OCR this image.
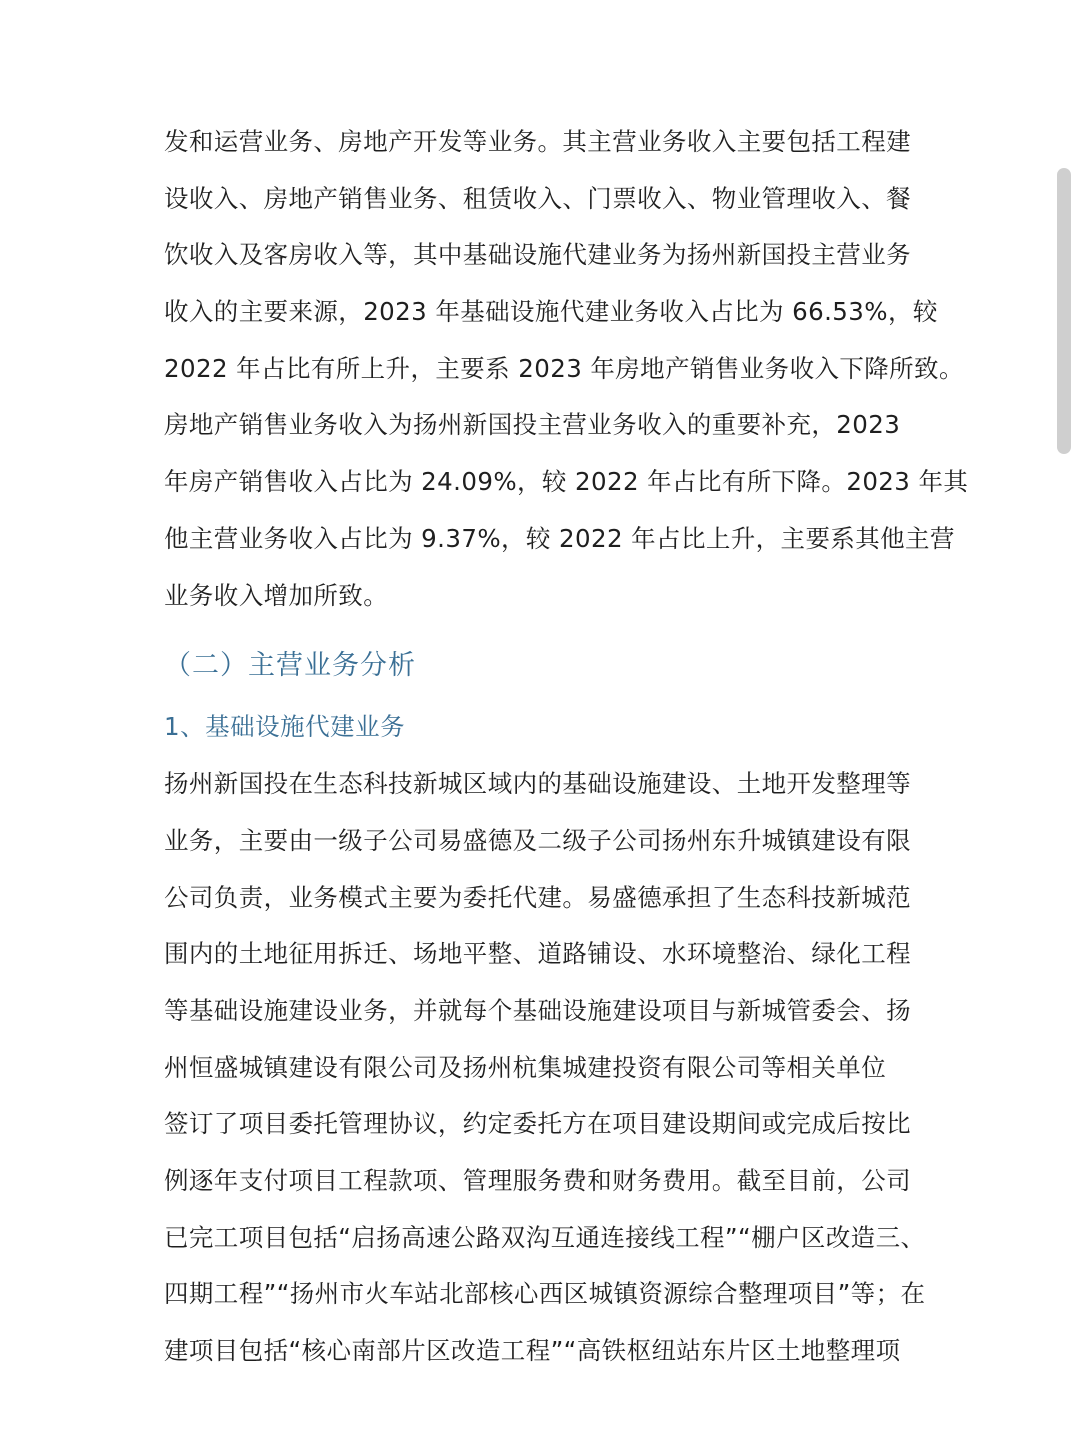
发和运营业务、房地产开发等业务。其主营业务收入主要包括工程建
设收入、房地产销售业务、租赁收入、门票收入、物业管理收入、餐
饮收入及客房收入等，其中基础设施代建业务为扬州新国投主营业务
收入的主要来源，2023 年基础设施代建业务收入占比为 66.53%，较
2022 年占比有所上升，主要系 2023 年房地产销售业务收入下降所致。
房地产销售业务收入为扬州新国投主营业务收入的重要补充，2023
年房产销售收入占比为 24.09%，较 2022 年占比有所下降。2023 年其
他主营业务收入占比为 9.37%，较 2022 年占比上升，主要系其他主营
业务收入增加所致。
（二）主营业务分析
1、基础设施代建业务
扬州新国投在生态科技新城区域内的基础设施建设、土地开发整理等
业务，主要由一级子公司易盛德及二级子公司扬州东升城镇建设有限
公司负责，业务模式主要为委托代建。易盛德承担了生态科技新城范
围内的土地征用拆迁、场地平整、道路铺设、水环境整治、绿化工程
等基础设施建设业务，并就每个基础设施建设项目与新城管委会、扬
州恒盛城镇建设有限公司及扬州杭集城建投资有限公司等相关单位
签订了项目委托管理协议，约定委托方在项目建设期间或完成后按比
例逐年支付项目工程款项、管理服务费和财务费用。截至目前，公司
已完工项目包括“启扬高速公路双沟互通连接线工程”“棚户区改造三、
四期工程”“扬州市火车站北部核心西区城镇资源综合整理项目”等；在
建项目包括“核心南部片区改造工程”“高铁枢纽站东片区土地整理项
